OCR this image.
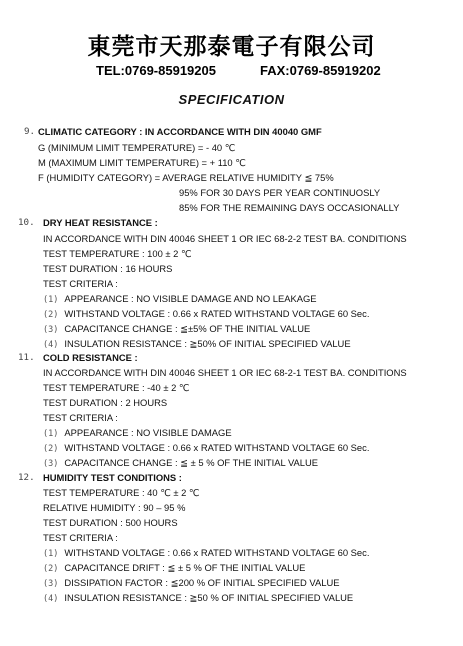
東莞市天那泰電子有限公司
TEL:0769-85919205	FAX:0769-85919202
SPECIFICATION
9. CLIMATIC CATEGORY : IN ACCORDANCE WITH DIN 40040 GMF
G (MINIMUM LIMIT TEMPERATURE) = - 40 ℃
M (MAXIMUM LIMIT TEMPERATURE) = + 110 ℃
F (HUMIDITY CATEGORY) = AVERAGE RELATIVE HUMIDITY ≦ 75%
95% FOR 30 DAYS PER YEAR CONTINUOSLY
85% FOR THE REMAINING DAYS OCCASIONALLY
10. DRY HEAT RESISTANCE :
IN ACCORDANCE WITH DIN 40046 SHEET 1 OR IEC 68-2-2 TEST BA. CONDITIONS
TEST TEMPERATURE : 100 ± 2 ℃
TEST DURATION : 16 HOURS
TEST CRITERIA :
(1) APPEARANCE : NO VISIBLE DAMAGE AND NO LEAKAGE
(2) WITHSTAND VOLTAGE : 0.66 x RATED WITHSTAND VOLTAGE 60 Sec.
(3) CAPACITANCE CHANGE : ≦±5% OF THE INITIAL VALUE
(4) INSULATION RESISTANCE : ≧50% OF INITIAL SPECIFIED VALUE
11. COLD RESISTANCE :
IN ACCORDANCE WITH DIN 40046 SHEET 1 OR IEC 68-2-1 TEST BA. CONDITIONS
TEST TEMPERATURE : -40 ± 2 ℃
TEST DURATION : 2 HOURS
TEST CRITERIA :
(1) APPEARANCE : NO VISIBLE DAMAGE
(2) WITHSTAND VOLTAGE : 0.66 x RATED WITHSTAND VOLTAGE 60 Sec.
(3) CAPACITANCE CHANGE : ≦ ± 5 % OF THE INITIAL VALUE
12. HUMIDITY TEST CONDITIONS :
TEST TEMPERATURE : 40 ℃ ± 2 ℃
RELATIVE HUMIDITY : 90 – 95 %
TEST DURATION : 500 HOURS
TEST CRITERIA :
(1) WITHSTAND VOLTAGE : 0.66 x RATED WITHSTAND VOLTAGE 60 Sec.
(2) CAPACITANCE DRIFT : ≦ ± 5 % OF THE INITIAL VALUE
(3) DISSIPATION FACTOR : ≦200 % OF INITIAL SPECIFIED VALUE
(4) INSULATION RESISTANCE : ≧50 % OF INITIAL SPECIFIED VALUE
